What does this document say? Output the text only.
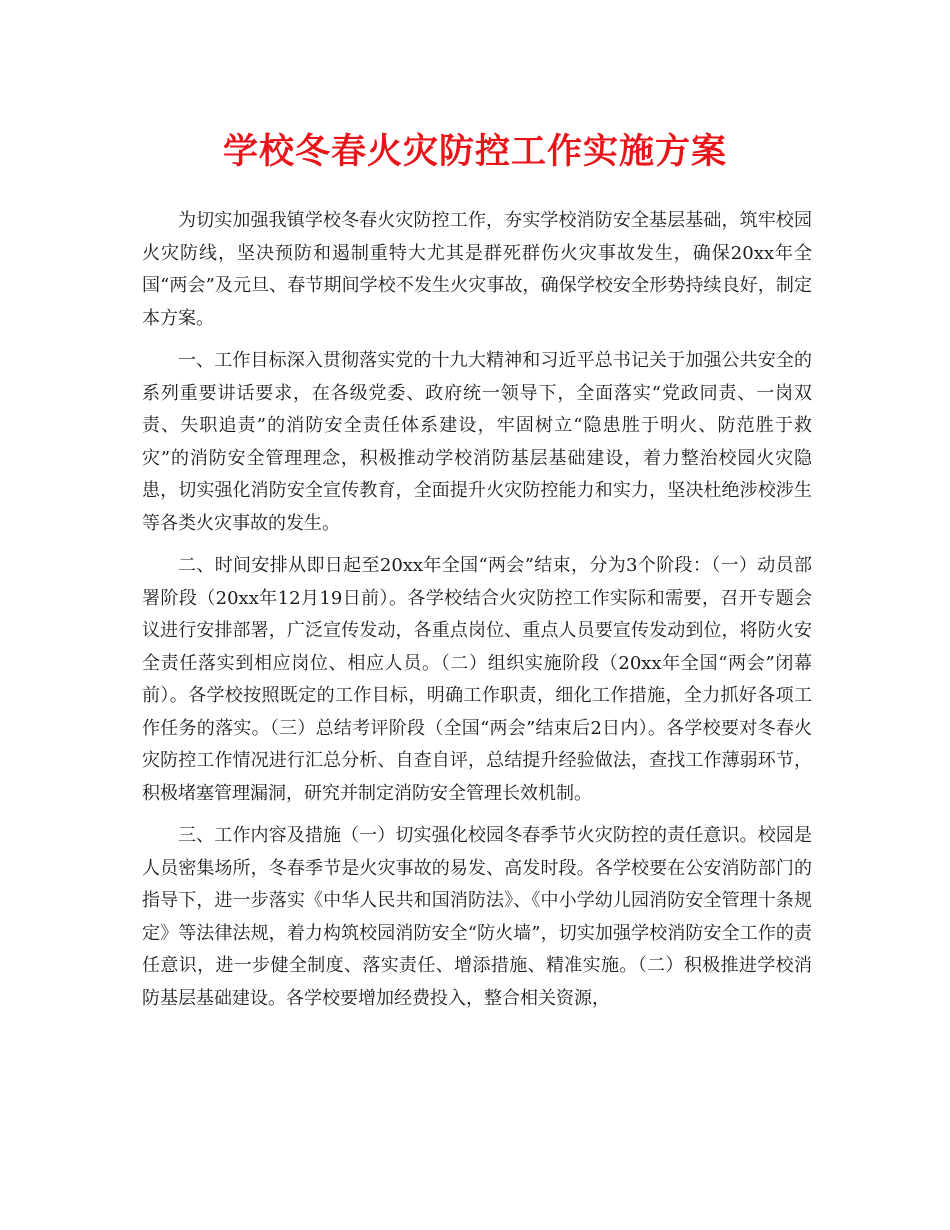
学校冬春火灾防控工作实施方案

为切实加强我镇学校冬春火灾防控工作，夯实学校消防安全基层基础，筑牢校园火灾防线，坚决预防和遏制重特大尤其是群死群伤火灾事故发生，确保20xx年全国“两会”及元旦、春节期间学校不发生火灾事故，确保学校安全形势持续良好，制定本方案。

一、工作目标深入贯彻落实党的十九大精神和习近平总书记关于加强公共安全的系列重要讲话要求，在各级党委、政府统一领导下，全面落实“党政同责、一岗双责、失职追责”的消防安全责任体系建设，牢固树立“隐患胜于明火、防范胜于救灾”的消防安全管理理念，积极推动学校消防基层基础建设，着力整治校园火灾隐患，切实强化消防安全宣传教育，全面提升火灾防控能力和实力，坚决杜绝涉校涉生等各类火灾事故的发生。

二、时间安排从即日起至20xx年全国“两会”结束，分为3个阶段：（一）动员部署阶段（20xx年12月19日前）。各学校结合火灾防控工作实际和需要，召开专题会议进行安排部署，广泛宣传发动，各重点岗位、重点人员要宣传发动到位，将防火安全责任落实到相应岗位、相应人员。（二）组织实施阶段（20xx年全国“两会”闭幕前）。各学校按照既定的工作目标，明确工作职责，细化工作措施，全力抓好各项工作任务的落实。（三）总结考评阶段（全国“两会”结束后2日内）。各学校要对冬春火灾防控工作情况进行汇总分析、自查自评，总结提升经验做法，查找工作薄弱环节，积极堵塞管理漏洞，研究并制定消防安全管理长效机制。

三、工作内容及措施（一）切实强化校园冬春季节火灾防控的责任意识。校园是人员密集场所，冬春季节是火灾事故的易发、高发时段。各学校要在公安消防部门的指导下，进一步落实《中华人民共和国消防法》、《中小学幼儿园消防安全管理十条规定》等法律法规，着力构筑校园消防安全“防火墙”，切实加强学校消防安全工作的责任意识，进一步健全制度、落实责任、增添措施、精准实施。（二）积极推进学校消防基层基础建设。各学校要增加经费投入，整合相关资源，
